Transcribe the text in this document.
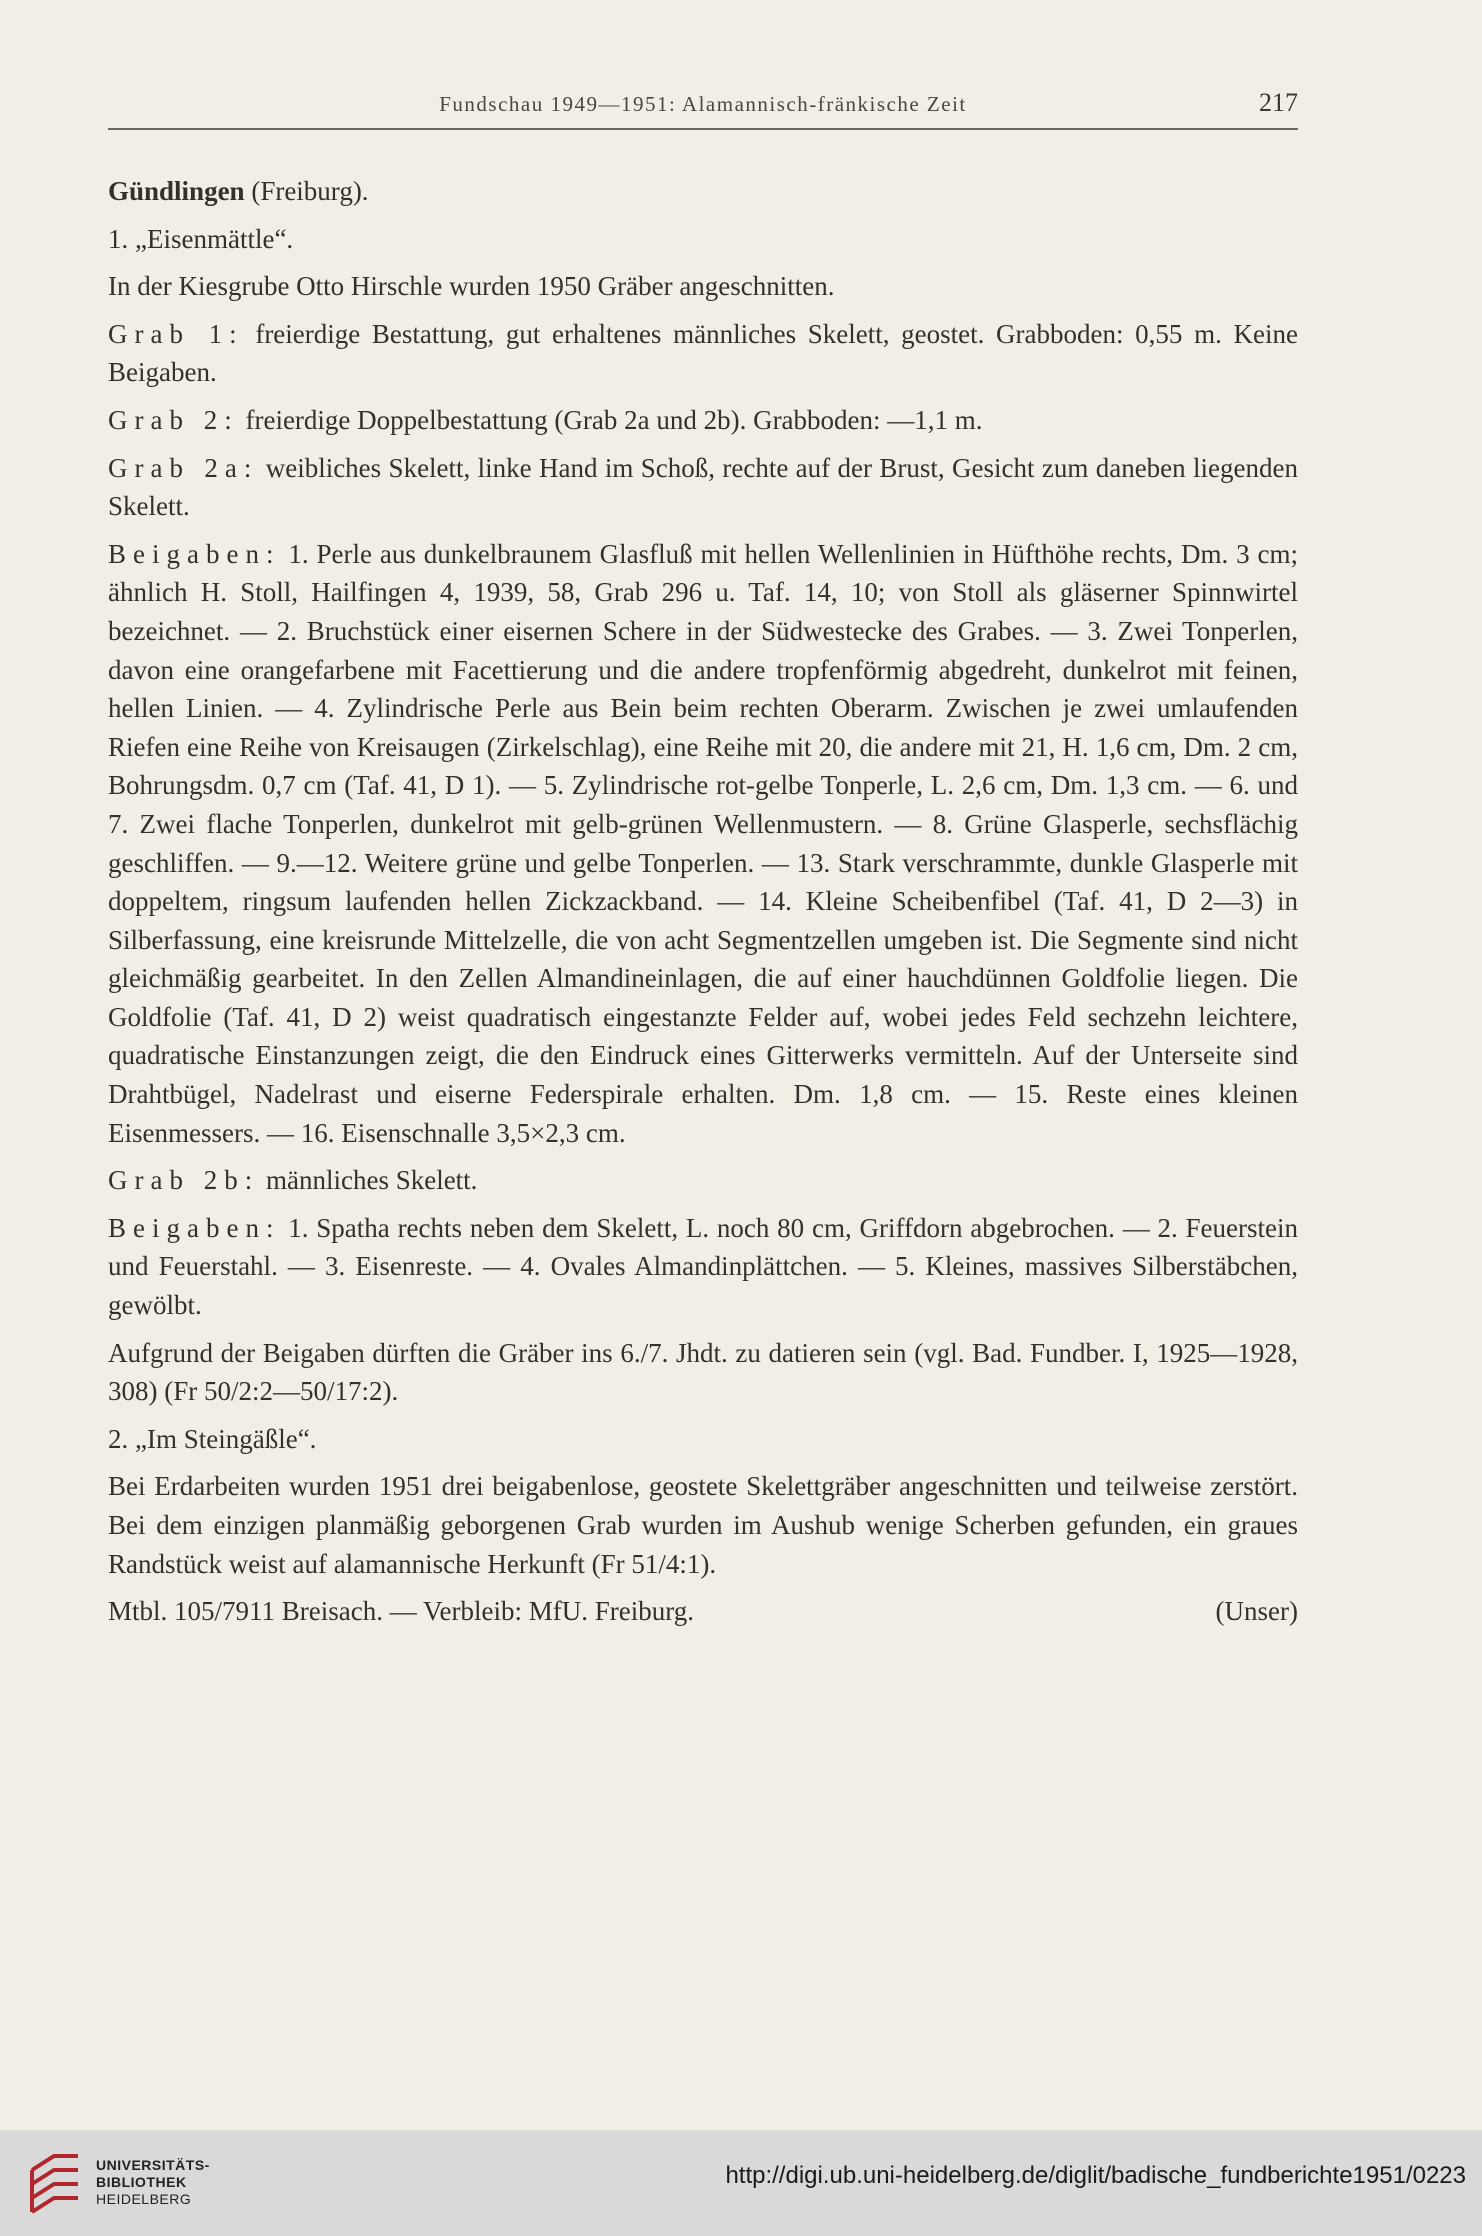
Fundschau 1949—1951: Alamannisch-fränkische Zeit	217

Gündlingen (Freiburg).

1. „Eisenmättle“.

In der Kiesgrube Otto Hirschle wurden 1950 Gräber angeschnitten.

Grab 1: freierdige Bestattung, gut erhaltenes männliches Skelett, geostet. Grabboden: 0,55 m. Keine Beigaben.

Grab 2: freierdige Doppelbestattung (Grab 2a und 2b). Grabboden: —1,1 m.

Grab 2a: weibliches Skelett, linke Hand im Schoß, rechte auf der Brust, Gesicht zum daneben liegenden Skelett.

Beigaben: 1. Perle aus dunkelbraunem Glasfluß mit hellen Wellenlinien in Hüfthöhe rechts, Dm. 3 cm; ähnlich H. Stoll, Hailfingen 4, 1939, 58, Grab 296 u. Taf. 14, 10; von Stoll als gläserner Spinnwirtel bezeichnet. — 2. Bruchstück einer eisernen Schere in der Südwestecke des Grabes. — 3. Zwei Tonperlen, davon eine orangefarbene mit Facettierung und die andere tropfenförmig abgedreht, dunkelrot mit feinen, hellen Linien. — 4. Zylindrische Perle aus Bein beim rechten Oberarm. Zwischen je zwei umlaufenden Riefen eine Reihe von Kreisaugen (Zirkelschlag), eine Reihe mit 20, die andere mit 21, H. 1,6 cm, Dm. 2 cm, Bohrungsdm. 0,7 cm (Taf. 41, D 1). — 5. Zylindrische rot-gelbe Tonperle, L. 2,6 cm, Dm. 1,3 cm. — 6. und 7. Zwei flache Tonperlen, dunkelrot mit gelb-grünen Wellenmustern. — 8. Grüne Glasperle, sechsflächig geschliffen. — 9.—12. Weitere grüne und gelbe Tonperlen. — 13. Stark verschrammte, dunkle Glasperle mit doppeltem, ringsum laufenden hellen Zickzackband. — 14. Kleine Scheibenfibel (Taf. 41, D 2—3) in Silberfassung, eine kreisrunde Mittelzelle, die von acht Segmentzellen umgeben ist. Die Segmente sind nicht gleichmäßig gearbeitet. In den Zellen Almandineinlagen, die auf einer hauchdünnen Goldfolie liegen. Die Goldfolie (Taf. 41, D 2) weist quadratisch eingestanzte Felder auf, wobei jedes Feld sechzehn leichtere, quadratische Einstanzungen zeigt, die den Eindruck eines Gitterwerks vermitteln. Auf der Unterseite sind Drahtbügel, Nadelrast und eiserne Federspirale erhalten. Dm. 1,8 cm. — 15. Reste eines kleinen Eisenmessers. — 16. Eisenschnalle 3,5×2,3 cm.

Grab 2b: männliches Skelett.

Beigaben: 1. Spatha rechts neben dem Skelett, L. noch 80 cm, Griffdorn abgebrochen. — 2. Feuerstein und Feuerstahl. — 3. Eisenreste. — 4. Ovales Almandinplättchen. — 5. Kleines, massives Silberstäbchen, gewölbt.

Aufgrund der Beigaben dürften die Gräber ins 6./7. Jhdt. zu datieren sein (vgl. Bad. Fundber. I, 1925—1928, 308) (Fr 50/2:2—50/17:2).

2. „Im Steingäßle“.

Bei Erdarbeiten wurden 1951 drei beigabenlose, geostete Skelettgräber angeschnitten und teilweise zerstört. Bei dem einzigen planmäßig geborgenen Grab wurden im Aushub wenige Scherben gefunden, ein graues Randstück weist auf alamannische Herkunft (Fr 51/4:1).

Mtbl. 105/7911 Breisach. — Verbleib: MfU. Freiburg.	(Unser)
UNIVERSITÄTS-
BIBLIOTHEK
HEIDELBERG
http://digi.ub.uni-heidelberg.de/diglit/badische_fundberichte1951/0223
